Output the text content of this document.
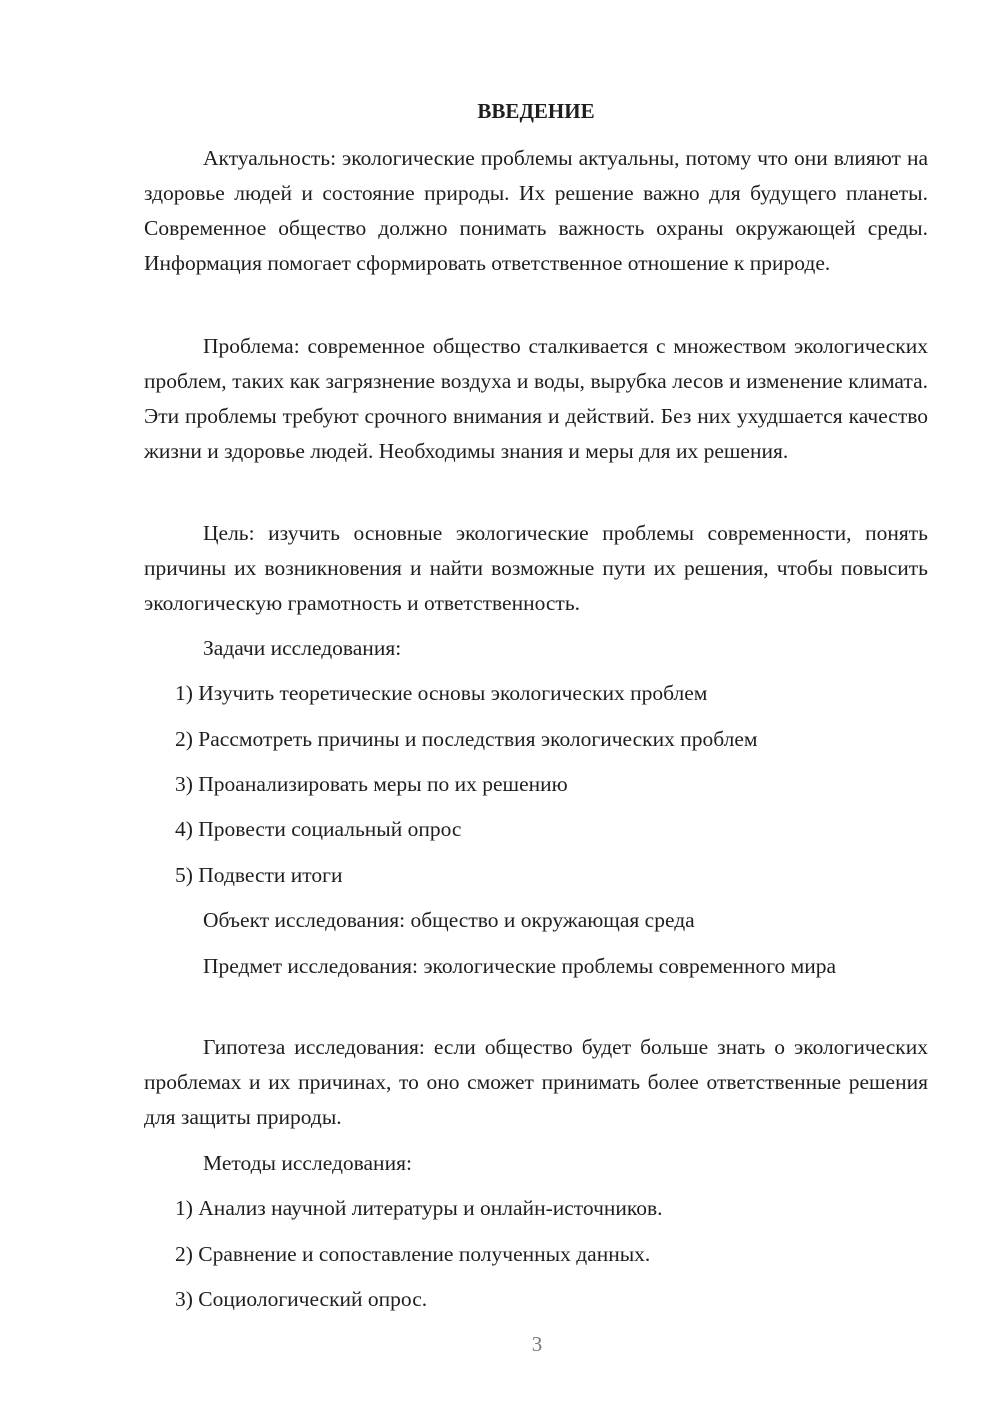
ВВЕДЕНИЕ

Актуальность: экологические проблемы актуальны, потому что они влияют на здоровье людей и состояние природы. Их решение важно для будущего планеты. Современное общество должно понимать важность охраны окружающей среды. Информация помогает сформировать ответственное отношение к природе.

Проблема: современное общество сталкивается с множеством экологических проблем, таких как загрязнение воздуха и воды, вырубка лесов и изменение климата. Эти проблемы требуют срочного внимания и действий. Без них ухудшается качество жизни и здоровье людей. Необходимы знания и меры для их решения.

Цель: изучить основные экологические проблемы современности, понять причины их возникновения и найти возможные пути их решения, чтобы повысить экологическую грамотность и ответственность.

Задачи исследования:

1) Изучить теоретические основы экологических проблем

2) Рассмотреть причины и последствия экологических проблем

3) Проанализировать меры по их решению

4) Провести социальный опрос

5) Подвести итоги

Объект исследования: общество и окружающая среда

Предмет исследования: экологические проблемы современного мира

Гипотеза исследования: если общество будет больше знать о экологических проблемах и их причинах, то оно сможет принимать более ответственные решения для защиты природы.

Методы исследования:

1) Анализ научной литературы и онлайн-источников.

2) Сравнение и сопоставление полученных данных.

3) Социологический опрос.

3
